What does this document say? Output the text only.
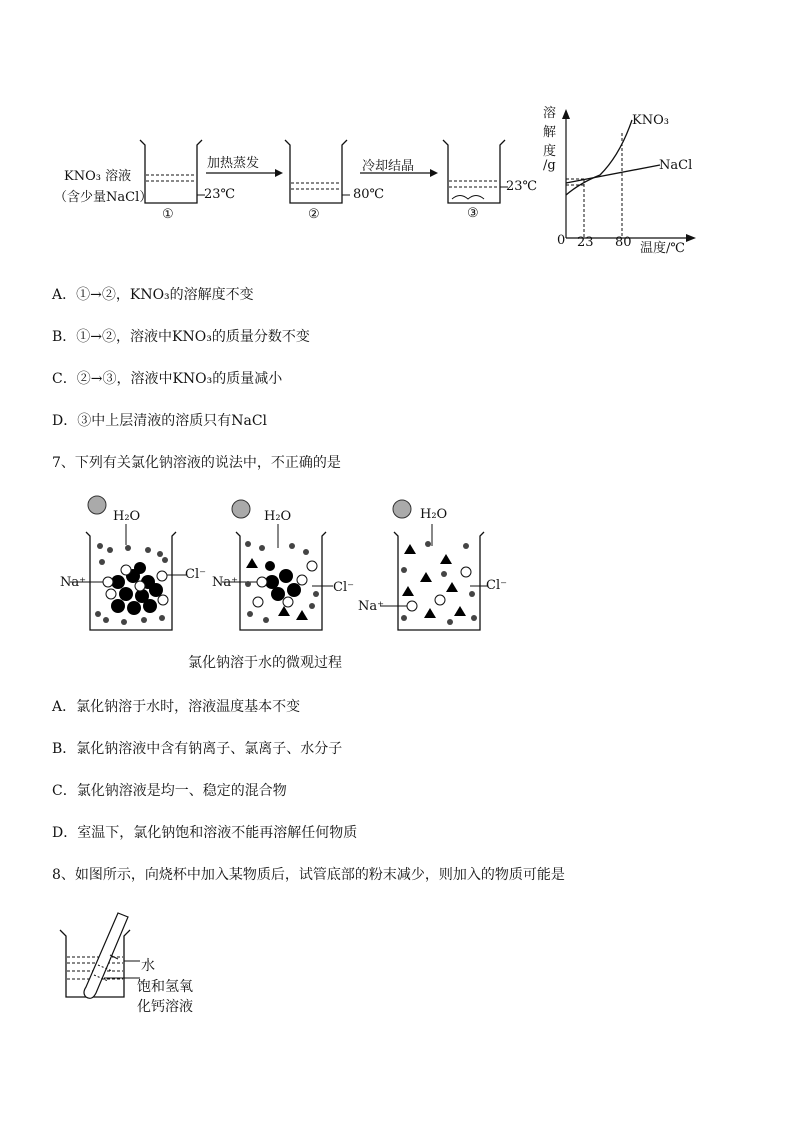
KNO₃ 溶液
（含少量NaCl）
加热蒸发	冷却结晶
23℃	80℃
23℃
①	②	③
溶
解
度
/g
KNO₃
NaCl
0 23 80 温度/℃
A．①→②，KNO₃的溶解度不变
B．①→②，溶液中KNO₃的质量分数不变
C．②→③，溶液中KNO₃的质量减小
D．③中上层清液的溶质只有NaCl
7、下列有关氯化钠溶液的说法中，不正确的是
H₂O	H₂O	H₂O
Na⁺	Na⁺
Na⁺
Cl⁻
Cl⁻	Cl⁻
氯化钠溶于水的微观过程
A．氯化钠溶于水时，溶液温度基本不变
B．氯化钠溶液中含有钠离子、氯离子、水分子
C．氯化钠溶液是均一、稳定的混合物
D．室温下，氯化钠饱和溶液不能再溶解任何物质
8、如图所示，向烧杯中加入某物质后，试管底部的粉末减少，则加入的物质可能是
水
饱和氢氧
化钙溶液
